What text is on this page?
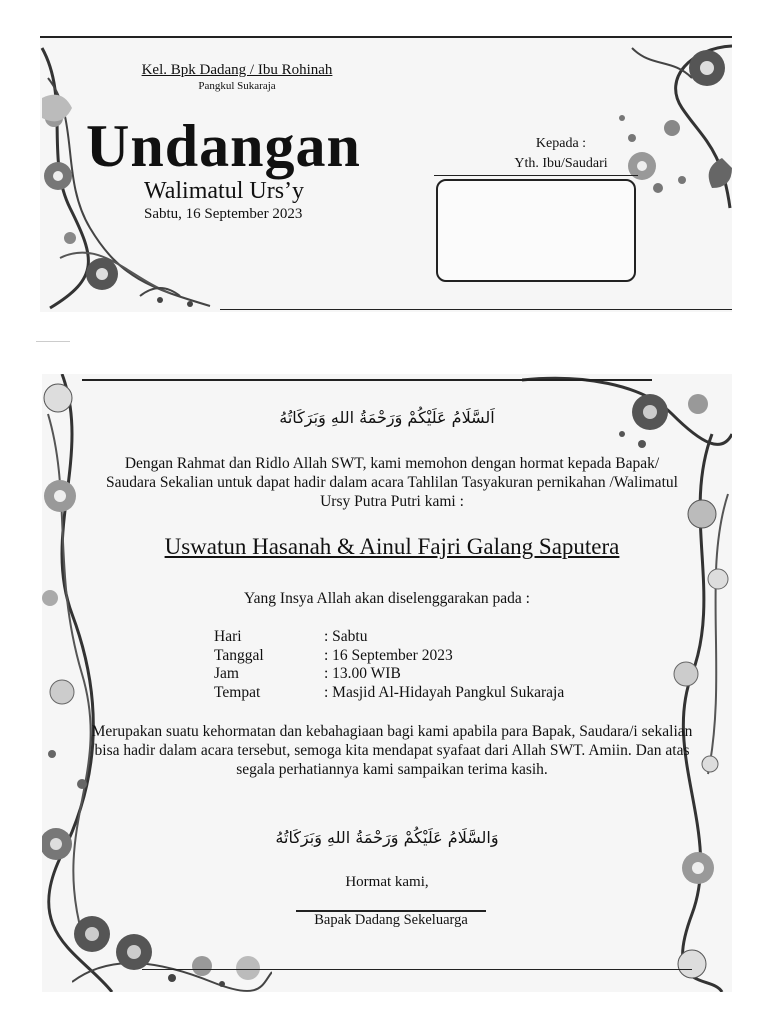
Kel. Bpk Dadang / Ibu Rohinah
Pangkul Sukaraja
Undangan
Walimatul Urs’y
Sabtu, 16 September 2023
Kepada :
Yth. Ibu/Saudari
اَلسَّلَامُ عَلَيْكُمْ وَرَحْمَةُ اللهِ وَبَرَكَاتُهُ
Dengan Rahmat dan Ridlo Allah SWT, kami memohon dengan hormat kepada Bapak/ Saudara Sekalian untuk dapat hadir dalam acara Tahlilan Tasyakuran pernikahan /Walimatul Ursy Putra Putri kami :
Uswatun Hasanah & Ainul Fajri Galang Saputera
Yang Insya Allah akan diselenggarakan pada :
Hari	: Sabtu
Tanggal	: 16 September 2023
Jam	: 13.00 WIB
Tempat	: Masjid Al-Hidayah Pangkul Sukaraja
Merupakan suatu kehormatan dan kebahagiaan bagi kami apabila para Bapak, Saudara/i sekalian bisa hadir dalam acara tersebut, semoga kita mendapat syafaat dari Allah SWT. Amiin. Dan atas segala perhatiannya kami sampaikan terima kasih.
وَالسَّلَامُ عَلَيْكُمْ وَرَحْمَةُ اللهِ وَبَرَكَاتُهُ
Hormat kami,
Bapak Dadang Sekeluarga
